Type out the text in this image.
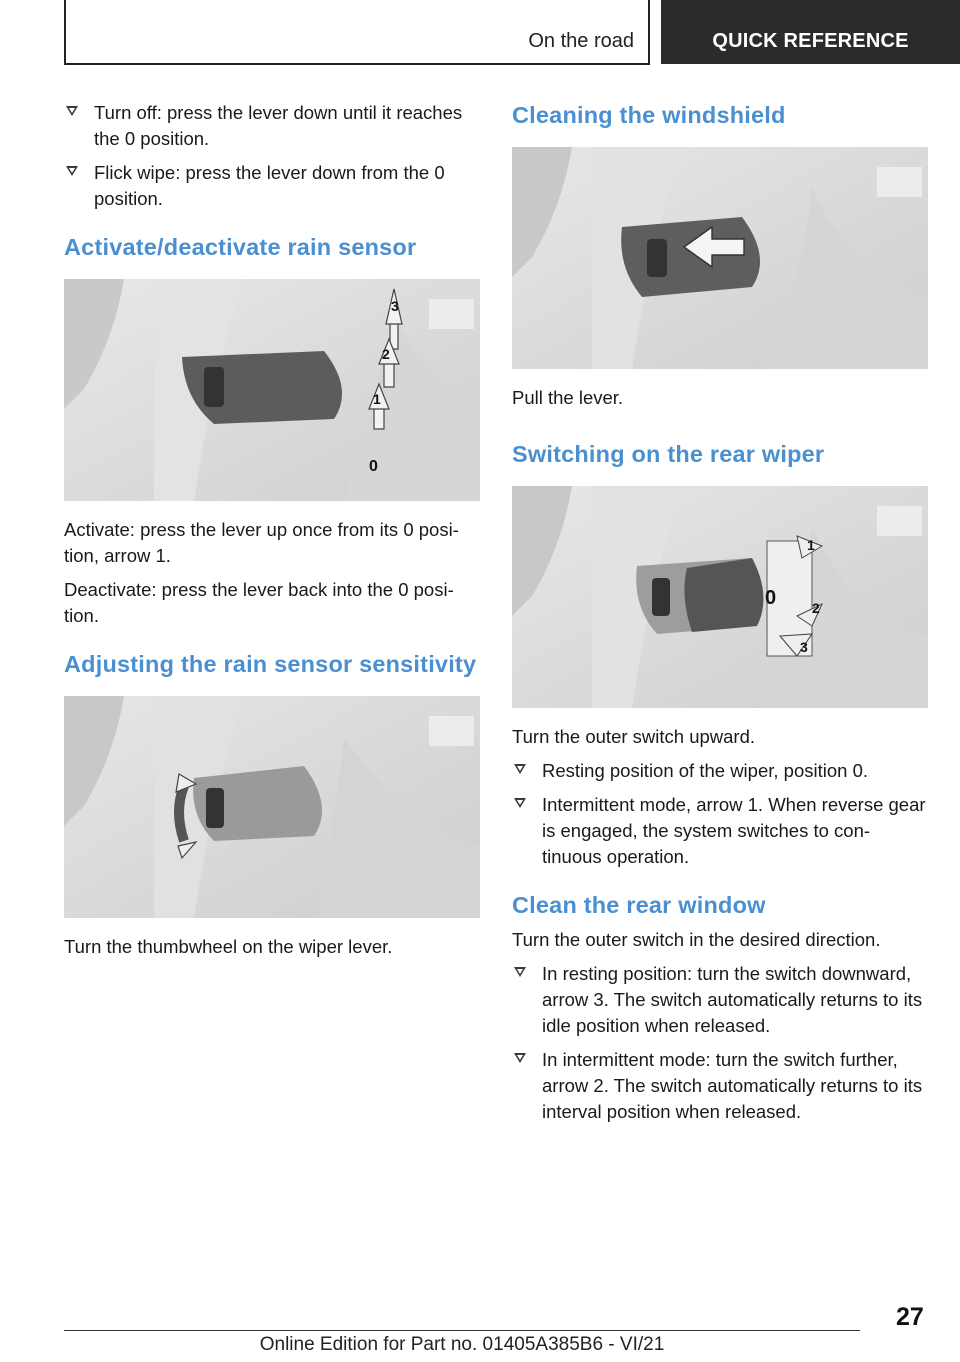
On the road	QUICK REFERENCE
Turn off: press the lever down until it reaches the 0 position.
Flick wipe: press the lever down from the 0 position.
Activate/deactivate rain sensor
3
2
1
0

Activate: press the lever up once from its 0 posi-tion, arrow 1.

Deactivate: press the lever back into the 0 posi-tion.

Adjusting the rain sensor sensitivity

Turn the thumbwheel on the wiper lever.

Cleaning the windshield

Pull the lever.

Switching on the rear wiper
1
0	2
3

Turn the outer switch upward.

Resting position of the wiper, position 0.
Intermittent mode, arrow 1. When reverse gear is engaged, the system switches to con-tinuous operation.
Clean the rear window

Turn the outer switch in the desired direction.

In resting position: turn the switch downward, arrow 3. The switch automatically returns to its idle position when released.
In intermittent mode: turn the switch further, arrow 2. The switch automatically returns to its interval position when released.
27
Online Edition for Part no. 01405A385B6 - VI/21
